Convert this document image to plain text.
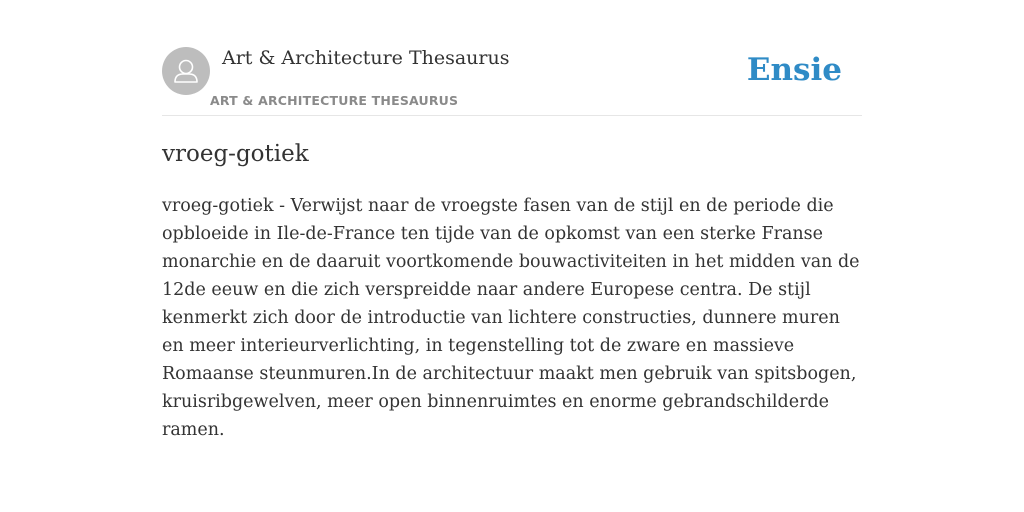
Art & Architecture Thesaurus
ART & ARCHITECTURE THESAURUS
Ensie
vroeg-gotiek

vroeg-gotiek - Verwijst naar de vroegste fasen van de stijl en de periode die opbloeide in Ile-de-France ten tijde van de opkomst van een sterke Franse monarchie en de daaruit voortkomende bouwactiviteiten in het midden van de 12de eeuw en die zich verspreidde naar andere Europese centra. De stijl kenmerkt zich door de introductie van lichtere constructies, dunnere muren en meer interieurverlichting, in tegenstelling tot de zware en massieve Romaanse steunmuren.In de architectuur maakt men gebruik van spitsbogen, kruisribgewelven, meer open binnenruimtes en enorme gebrandschilderde ramen.
